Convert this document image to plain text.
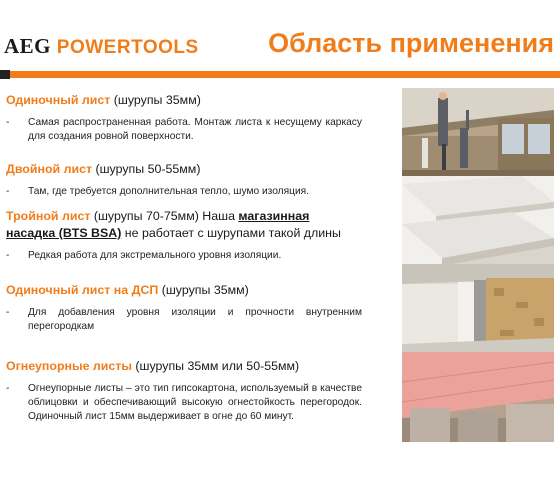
AEG POWERTOOLS	Область применения
Одиночный лист (шурупы 35мм)
-	Самая распространенная работа. Монтаж листа к несущему каркасу для создания ровной поверхности.
Двойной лист (шурупы 50-55мм)
-	Там, где требуется дополнительная тепло, шумо изоляция.
Тройной лист (шурупы 70-75мм) Наша магазинная насадка (BTS BSA) не работает с шурупами такой длины
-	Редкая работа для экстремального уровня изоляции.
Одиночный лист на ДСП (шурупы 35мм)
-	Для добавления уровня изоляции и прочности внутренним перегородкам
Огнеупорные листы (шурупы 35мм или 50-55мм)
-	Огнеупорные листы – это тип гипсокартона, используемый в качестве облицовки и обеспечивающий высокую огнестойкость перегородок. Одиночный лист 15мм выдерживает в огне до 60 минут.
